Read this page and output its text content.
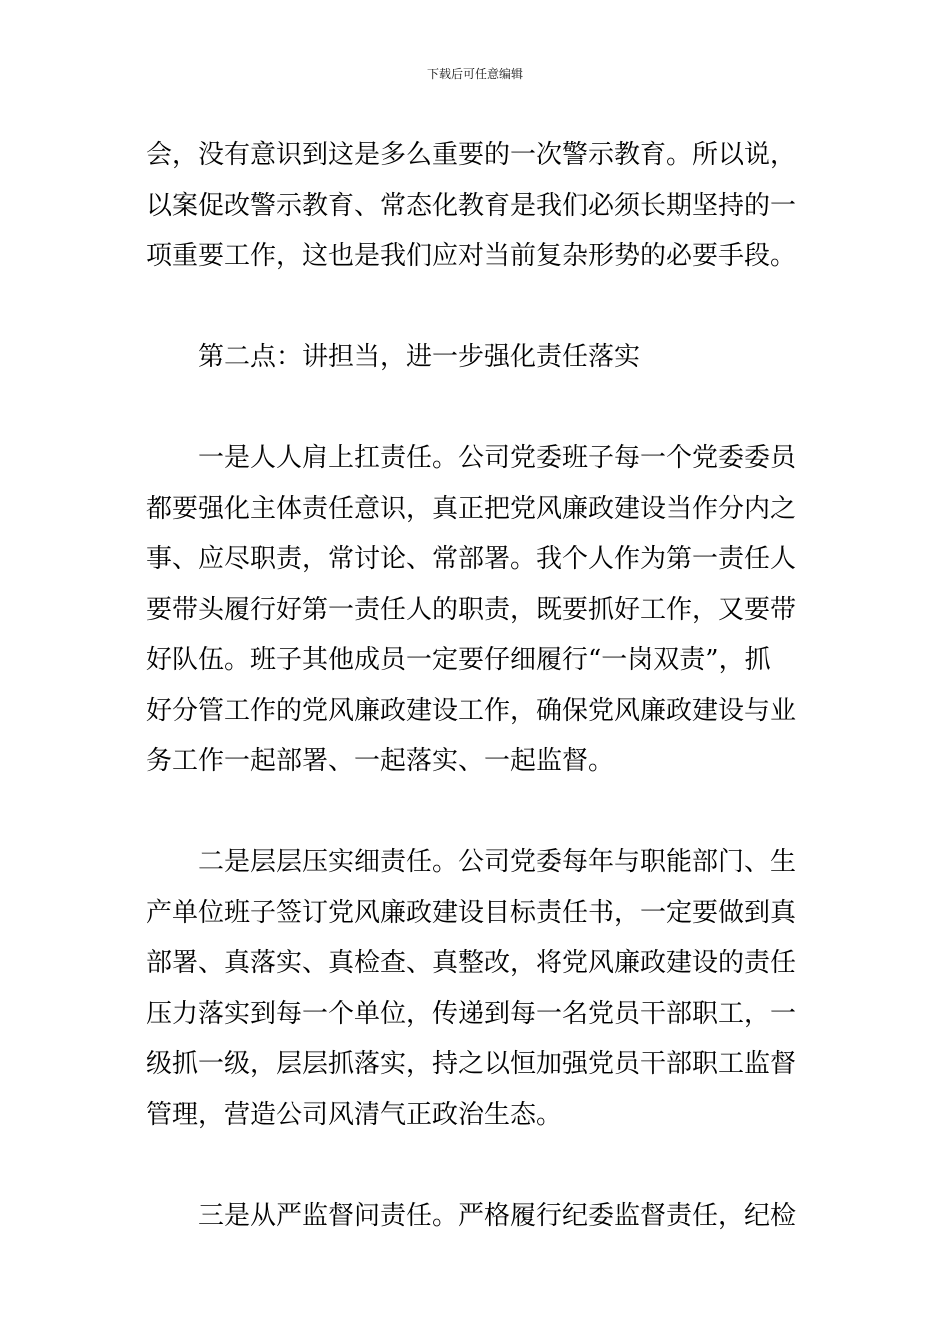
下载后可任意编辑
会，没有意识到这是多么重要的一次警示教育。所以说，
以案促改警示教育、常态化教育是我们必须长期坚持的一
项重要工作，这也是我们应对当前复杂形势的必要手段。
第二点：讲担当，进一步强化责任落实
一是人人肩上扛责任。公司党委班子每一个党委委员
都要强化主体责任意识，真正把党风廉政建设当作分内之
事、应尽职责，常讨论、常部署。我个人作为第一责任人
要带头履行好第一责任人的职责，既要抓好工作，又要带
好队伍。班子其他成员一定要仔细履行“一岗双责”，抓
好分管工作的党风廉政建设工作，确保党风廉政建设与业
务工作一起部署、一起落实、一起监督。
二是层层压实细责任。公司党委每年与职能部门、生
产单位班子签订党风廉政建设目标责任书，一定要做到真
部署、真落实、真检查、真整改，将党风廉政建设的责任
压力落实到每一个单位，传递到每一名党员干部职工，一
级抓一级，层层抓落实，持之以恒加强党员干部职工监督
管理，营造公司风清气正政治生态。
三是从严监督问责任。严格履行纪委监督责任，纪检
